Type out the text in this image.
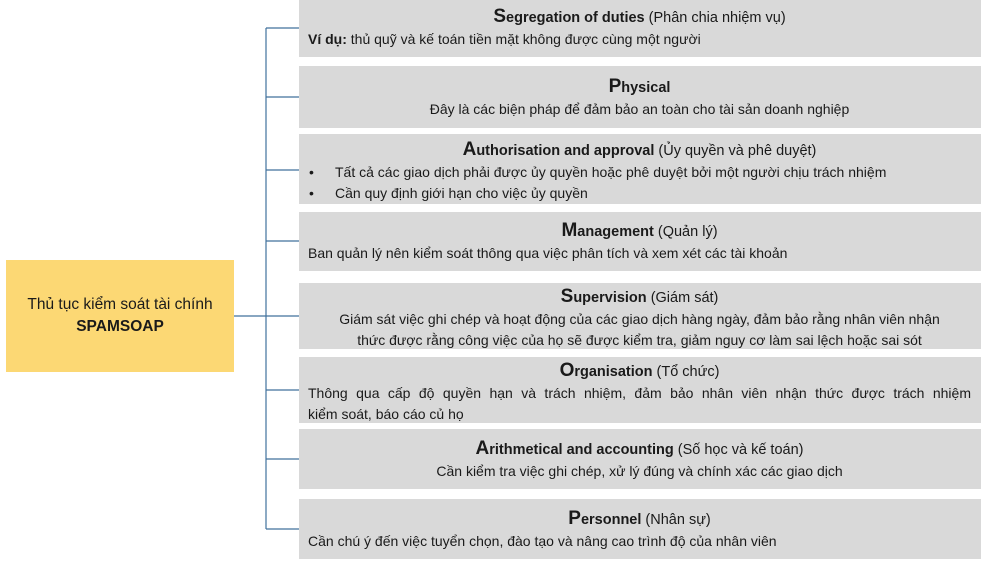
Thủ tục kiểm soát tài chính
SPAMSOAP
Segregation of duties (Phân chia nhiệm vụ)
Ví dụ: thủ quỹ và kế toán tiền mặt không được cùng một người
Physical
Đây là các biện pháp để đảm bảo an toàn cho tài sản doanh nghiệp
Authorisation and approval (Ủy quyền và phê duyệt)
•	Tất cả các giao dịch phải được ủy quyền hoặc phê duyệt bởi một người chịu trách nhiệm
•	Cần quy định giới hạn cho việc ủy quyền
Management (Quản lý)
Ban quản lý nên kiểm soát thông qua việc phân tích và xem xét các tài khoản
Supervision (Giám sát)
Giám sát việc ghi chép và hoạt động của các giao dịch hàng ngày, đảm bảo rằng nhân viên nhận
thức được rằng công việc của họ sẽ được kiểm tra, giảm nguy cơ làm sai lệch hoặc sai sót
Organisation (Tổ chức)
Thông qua cấp độ quyền hạn và trách nhiệm, đảm bảo nhân viên nhận thức được trách nhiệm
kiểm soát, báo cáo củ họ
Arithmetical and accounting (Số học và kế toán)
Cần kiểm tra việc ghi chép, xử lý đúng và chính xác các giao dịch
Personnel (Nhân sự)
Cần chú ý đến việc tuyển chọn, đào tạo và nâng cao trình độ của nhân viên
